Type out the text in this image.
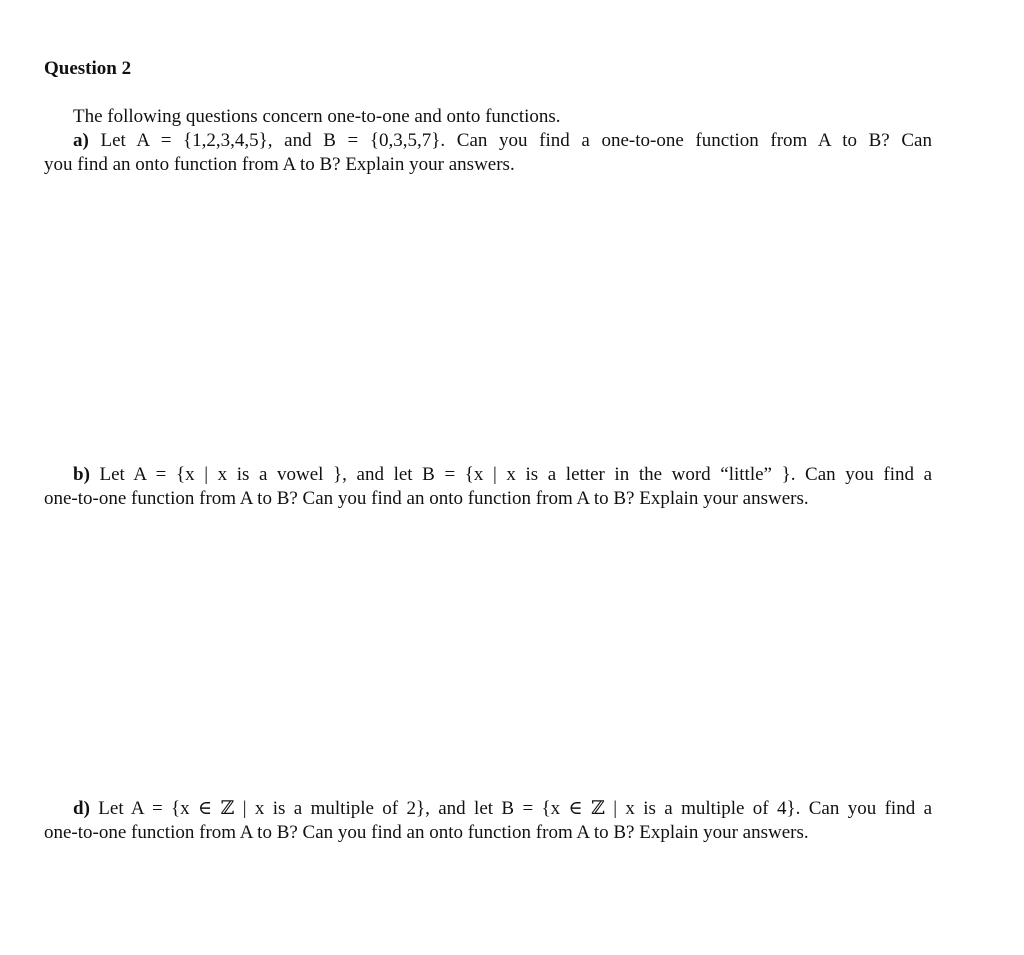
Question 2

The following questions concern one-to-one and onto functions.

a) Let A = {1,2,3,4,5}, and B = {0,3,5,7}. Can you find a one-to-one function from A to B? Can
you find an onto function from A to B? Explain your answers.
b) Let A = {x | x is a vowel }, and let B = {x | x is a letter in the word “little” }. Can you find a
one-to-one function from A to B? Can you find an onto function from A to B? Explain your answers.
d) Let A = {x ∈ ℤ | x is a multiple of 2}, and let B = {x ∈ ℤ | x is a multiple of 4}. Can you find a
one-to-one function from A to B? Can you find an onto function from A to B? Explain your answers.
